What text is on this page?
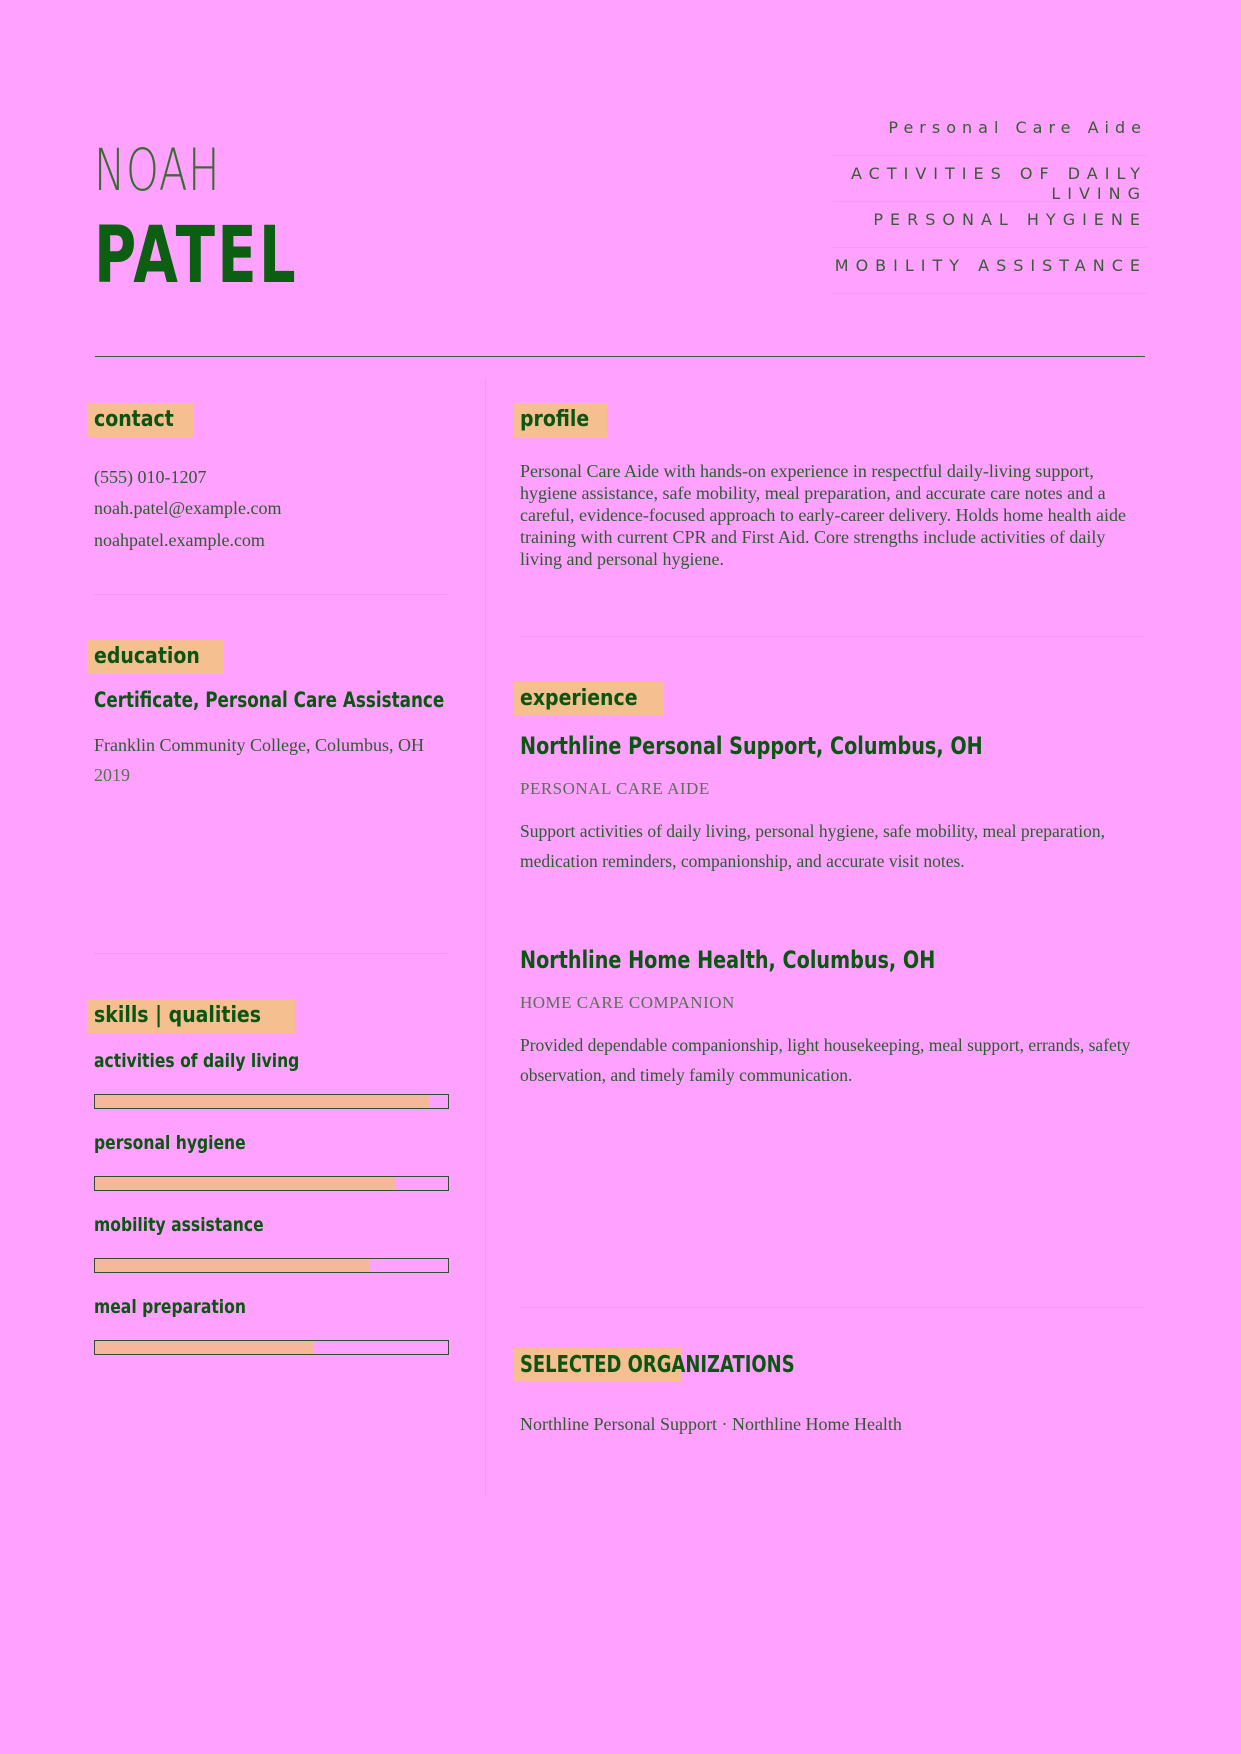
NOAH
PATEL
Personal Care Aide
ACTIVITIES OF DAILY LIVING
PERSONAL HYGIENE
MOBILITY ASSISTANCE
contact
(555) 010-1207
noah.patel@example.com
noahpatel.example.com
education
Certificate, Personal Care Assistance
Franklin Community College, Columbus, OH
2019
skills | qualities
activities of daily living
personal hygiene
mobility assistance
meal preparation
profile
Personal Care Aide with hands-on experience in respectful daily-living support, hygiene assistance, safe mobility, meal preparation, and accurate care notes and a careful, evidence-focused approach to early-career delivery. Holds home health aide training with current CPR and First Aid. Core strengths include activities of daily living and personal hygiene.
experience
Northline Personal Support, Columbus, OH
PERSONAL CARE AIDE
Support activities of daily living, personal hygiene, safe mobility, meal preparation, medication reminders, companionship, and accurate visit notes.
Northline Home Health, Columbus, OH
HOME CARE COMPANION
Provided dependable companionship, light housekeeping, meal support, errands, safety observation, and timely family communication.
SELECTED ORGANIZATIONS
Northline Personal Support · Northline Home Health
